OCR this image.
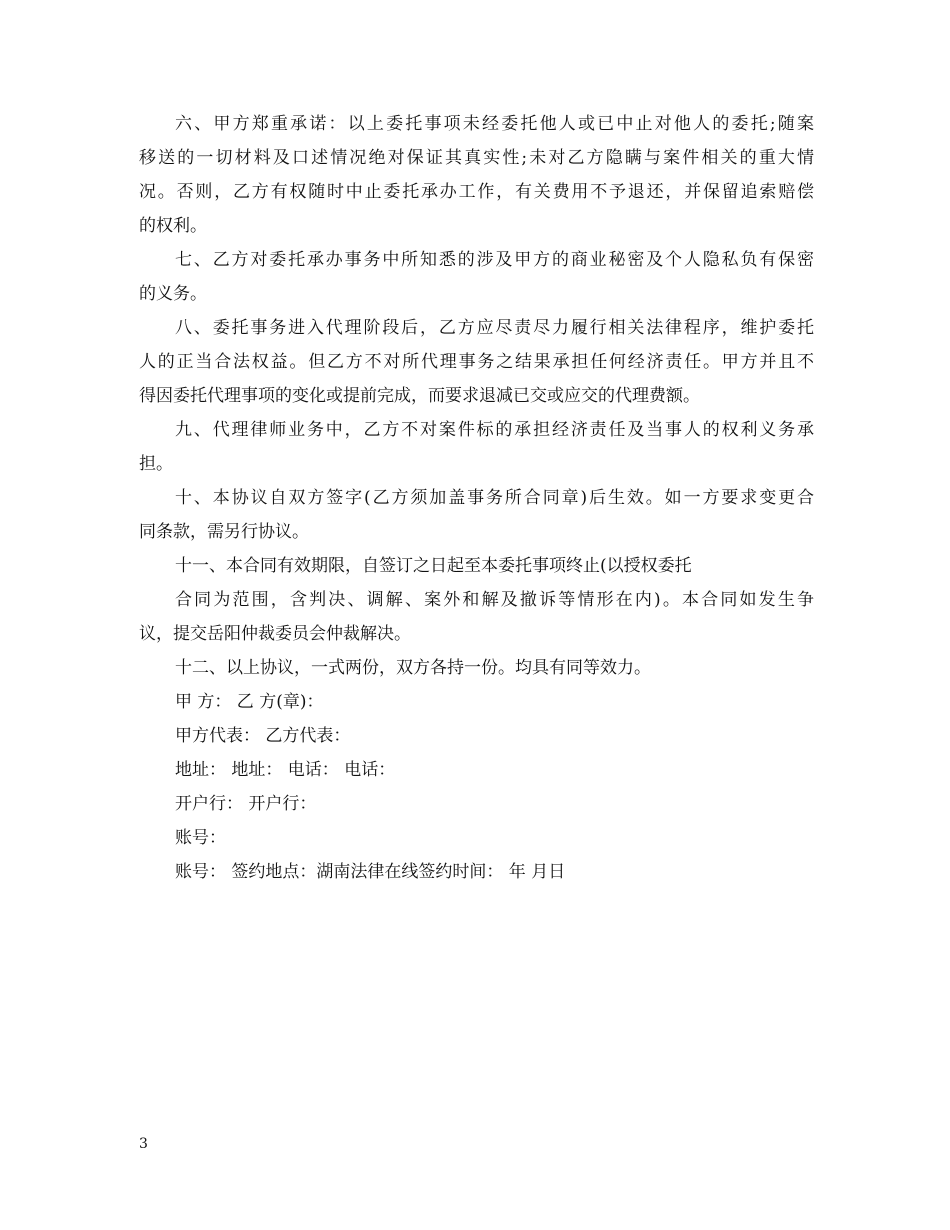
六、甲方郑重承诺：以上委托事项未经委托他人或已中止对他人的委托;随案
移送的一切材料及口述情况绝对保证其真实性;未对乙方隐瞒与案件相关的重大情
况。否则，乙方有权随时中止委托承办工作，有关费用不予退还，并保留追索赔偿
的权利。
七、乙方对委托承办事务中所知悉的涉及甲方的商业秘密及个人隐私负有保密
的义务。
八、委托事务进入代理阶段后，乙方应尽责尽力履行相关法律程序，维护委托
人的正当合法权益。但乙方不对所代理事务之结果承担任何经济责任。甲方并且不
得因委托代理事项的变化或提前完成，而要求退减已交或应交的代理费额。
九、代理律师业务中，乙方不对案件标的承担经济责任及当事人的权利义务承
担。
十、本协议自双方签字(乙方须加盖事务所合同章)后生效。如一方要求变更合
同条款，需另行协议。
十一、本合同有效期限，自签订之日起至本委托事项终止(以授权委托
合同为范围，含判决、调解、案外和解及撤诉等情形在内)。本合同如发生争
议，提交岳阳仲裁委员会仲裁解决。
十二、以上协议，一式两份，双方各持一份。均具有同等效力。
甲 方： 乙 方(章)：
甲方代表： 乙方代表：
地址： 地址： 电话： 电话：
开户行： 开户行：
账号：
账号： 签约地点：湖南法律在线签约时间： 年 月日
3
